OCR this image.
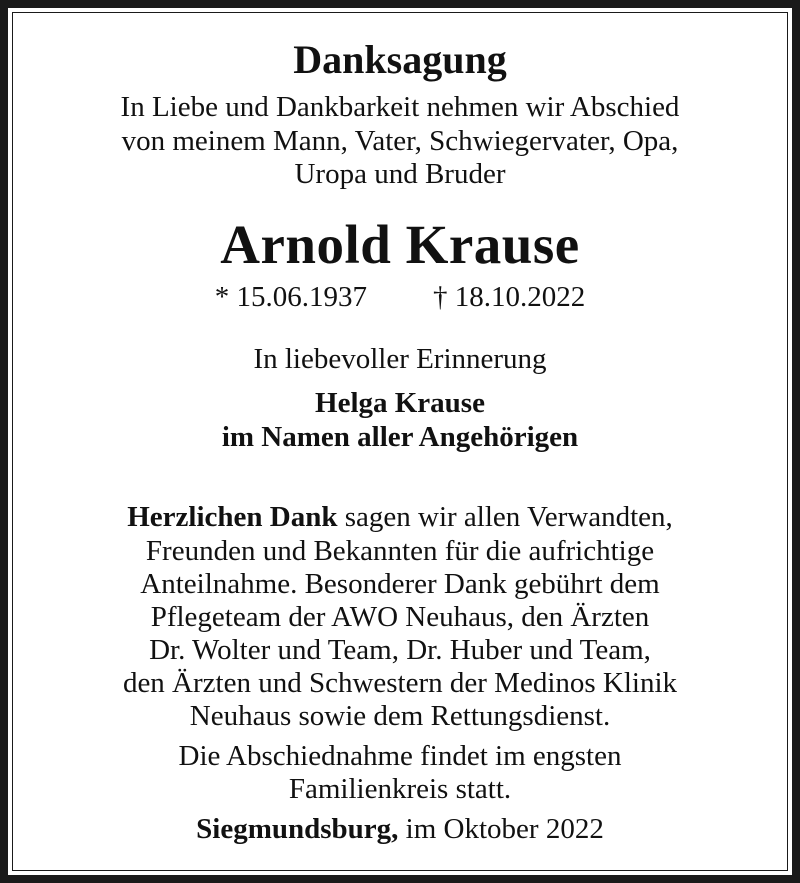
Danksagung
In Liebe und Dankbarkeit nehmen wir Abschied
von meinem Mann, Vater, Schwiegervater, Opa,
Uropa und Bruder
Arnold Krause
* 15.06.1937 † 18.10.2022
In liebevoller Erinnerung
Helga Krause
im Namen aller Angehörigen
Herzlichen Dank sagen wir allen Verwandten,
Freunden und Bekannten für die aufrichtige
Anteilnahme. Besonderer Dank gebührt dem
Pflegeteam der AWO Neuhaus, den Ärzten
Dr. Wolter und Team, Dr. Huber und Team,
den Ärzten und Schwestern der Medinos Klinik
Neuhaus sowie dem Rettungsdienst.
Die Abschiednahme findet im engsten
Familienkreis statt.
Siegmundsburg, im Oktober 2022
